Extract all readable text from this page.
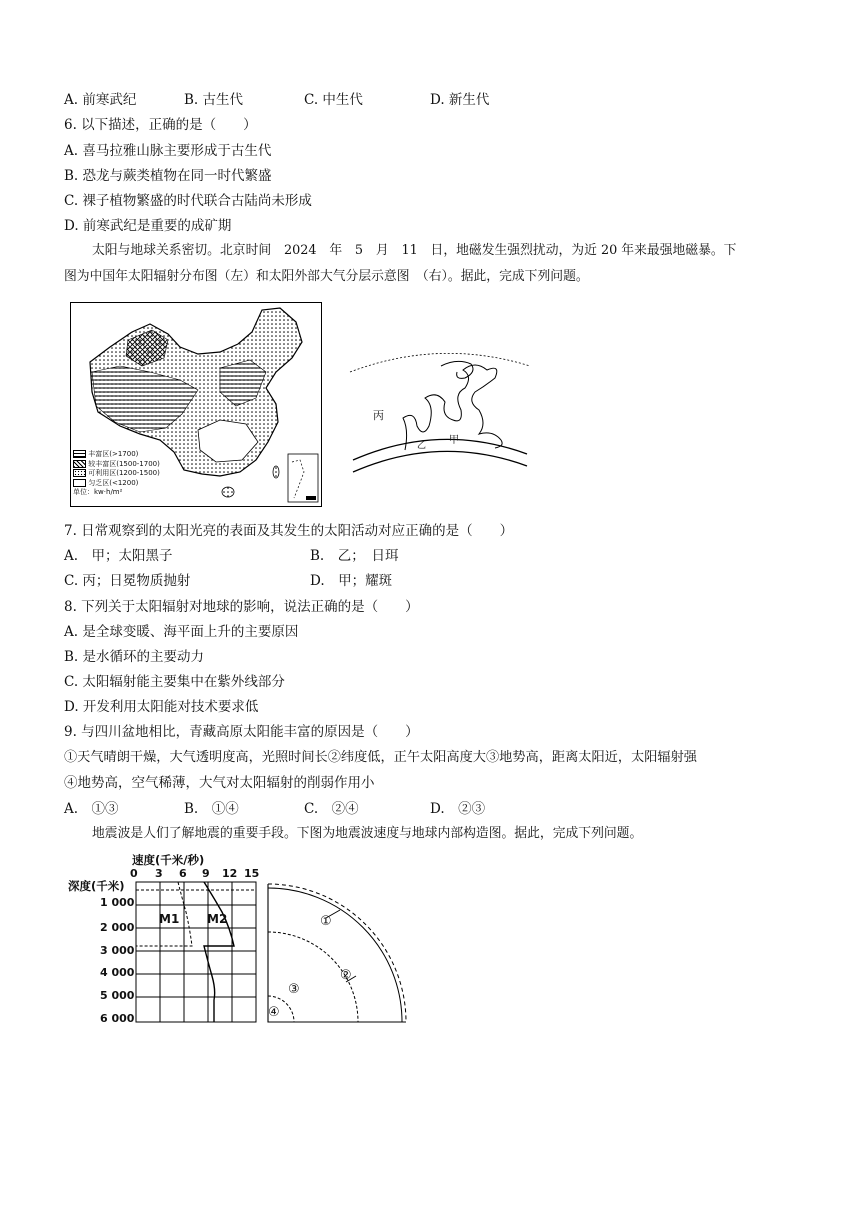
A. 前寒武纪	B. 古生代	C. 中生代	D. 新生代
6. 以下描述，正确的是（　　）
A. 喜马拉雅山脉主要形成于古生代
B. 恐龙与蕨类植物在同一时代繁盛
C. 裸子植物繁盛的时代联合古陆尚未形成
D. 前寒武纪是重要的成矿期
太阳与地球关系密切。北京时间　2024　年　5　月　11　日，地磁发生强烈扰动，为近 20 年来最强地磁暴。下
图为中国年太阳辐射分布图（左）和太阳外部大气分层示意图　（右）。据此，完成下列问题。
丰富区(>1700)
较丰富区(1500-1700)
可利用区(1200-1500)
匀乏区(<1200)
单位：kw·h/m²
丙
乙 甲
7. 日常观察到的太阳光亮的表面及其发生的太阳活动对应正确的是（　　）
A.　甲；太阳黑子	B.　乙；　日珥
C. 丙；日冕物质抛射	D.　甲；耀斑
8. 下列关于太阳辐射对地球的影响，说法正确的是（　　）
A. 是全球变暖、海平面上升的主要原因
B. 是水循环的主要动力
C. 太阳辐射能主要集中在紫外线部分
D. 开发利用太阳能对技术要求低
9. 与四川盆地相比，青藏高原太阳能丰富的原因是（　　）
①天气晴朗干燥，大气透明度高，光照时间长②纬度低，正午太阳高度大③地势高，距离太阳近，太阳辐射强
④地势高，空气稀薄，大气对太阳辐射的削弱作用小
A.　①③	B.　①④	C.　②④	D.　②③
地震波是人们了解地震的重要手段。下图为地震波速度与地球内部构造图。据此，完成下列问题。
速度(千米/秒)
深度(千米)
0 3 6 9 12 15
1 000
2 000
3 000
4 000
5 000
6 000
M1 M2	①
②
③
④
